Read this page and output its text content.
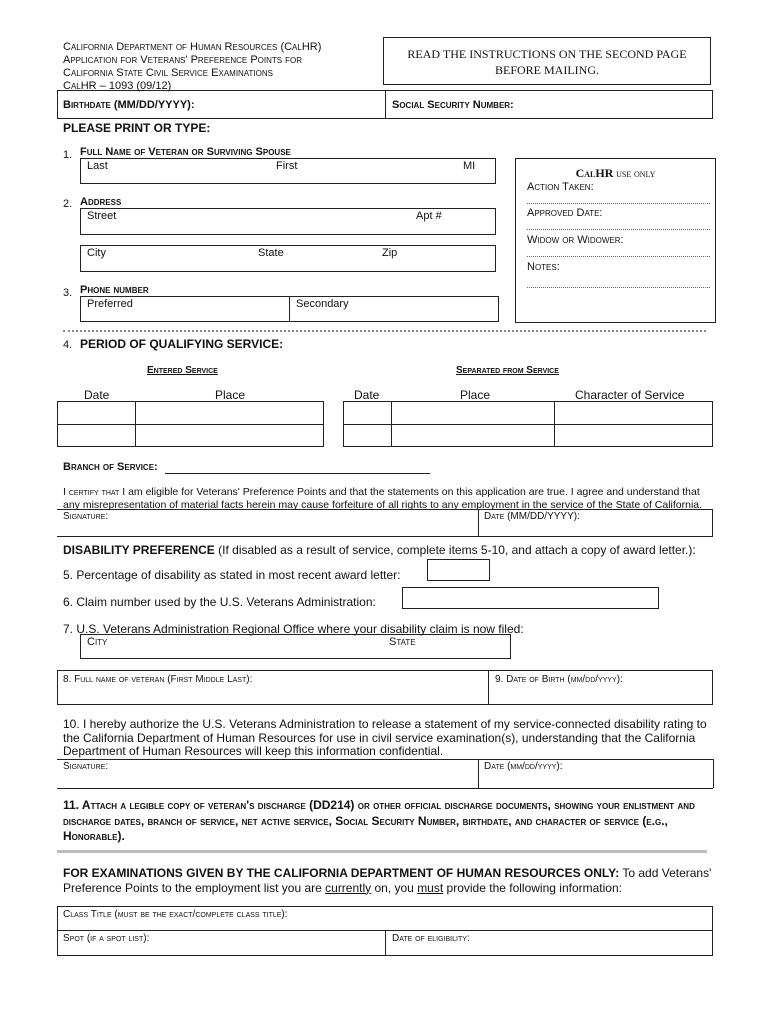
California Department of Human Resources (CalHR)
Application for Veterans' Preference Points for
California State Civil Service Examinations
CalHR – 1093 (09/12)
READ THE INSTRUCTIONS ON THE SECOND PAGE
BEFORE MAILING.
Birthdate (MM/DD/YYYY):	Social Security Number:
PLEASE PRINT OR TYPE:
1. Full Name of Veteran or Surviving Spouse
Last	First	MI
2. Address
Street	Apt #
City	State	Zip
3. Phone number
Preferred	Secondary
CalHR use only
Action Taken:
Approved Date:
Widow or Widower:
Notes:
4. PERIOD OF QUALIFYING SERVICE:
Entered Service	Separated from Service
Date	Place	Date	Place	Character of Service
Branch of Service:
I certify that I am eligible for Veterans' Preference Points and that the statements on this application are true. I agree and understand that any misrepresentation of material facts herein may cause forfeiture of all rights to any employment in the service of the State of California.
Signature:	Date (MM/DD/YYYY):
DISABILITY PREFERENCE (If disabled as a result of service, complete items 5-10, and attach a copy of award letter.):
5. Percentage of disability as stated in most recent award letter:
6. Claim number used by the U.S. Veterans Administration:
7. U.S. Veterans Administration Regional Office where your disability claim is now filed:
City	State
8. Full name of veteran (First Middle Last):	9. Date of Birth (mm/dd/yyyy):
10. I hereby authorize the U.S. Veterans Administration to release a statement of my service-connected disability rating to the California Department of Human Resources for use in civil service examination(s), understanding that the California Department of Human Resources will keep this information confidential.
Signature:	Date (mm/dd/yyyy):
11. Attach a legible copy of veteran's discharge (DD214) or other official discharge documents, showing your enlistment and discharge dates, branch of service, net active service, Social Security Number, birthdate, and character of service (e.g., Honorable).
FOR EXAMINATIONS GIVEN BY THE CALIFORNIA DEPARTMENT OF HUMAN RESOURCES ONLY: To add Veterans' Preference Points to the employment list you are currently on, you must provide the following information:
Class Title (must be the exact/complete class title):
Spot (if a spot list):	Date of eligibility:
